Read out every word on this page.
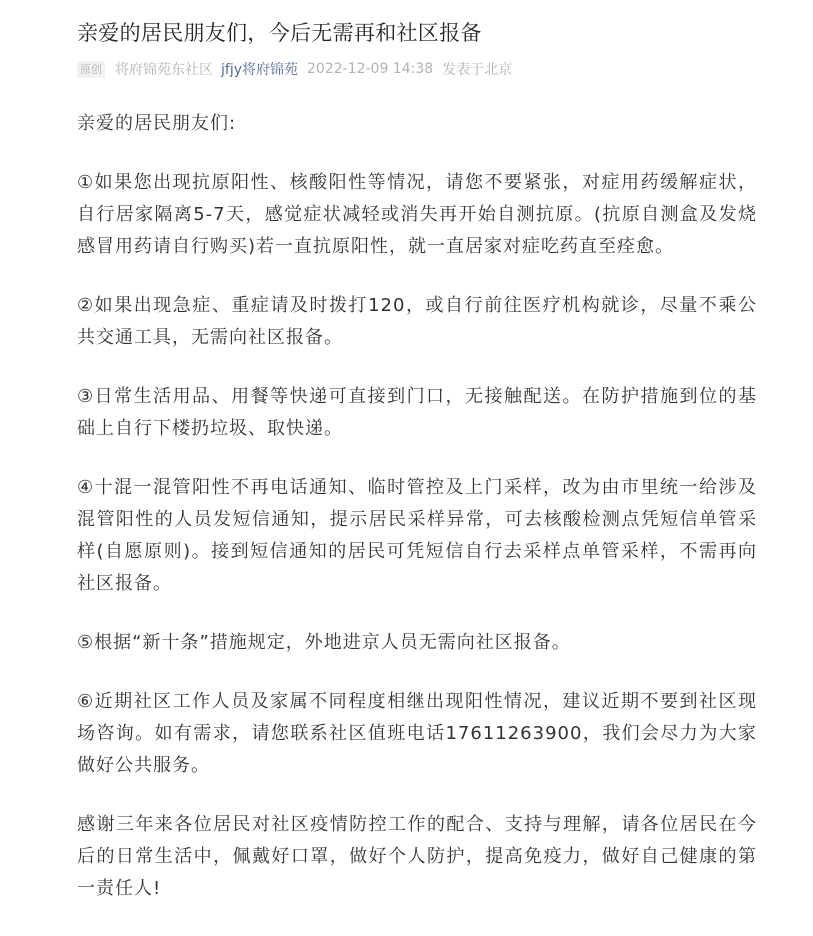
亲爱的居民朋友们，今后无需再和社区报备
原创 将府锦苑东社区 jfjy将府锦苑 2022-12-09 14:38 发表于北京

亲爱的居民朋友们:

①如果您出现抗原阳性、核酸阳性等情况，请您不要紧张，对症用药缓解症状，自行居家隔离5-7天，感觉症状减轻或消失再开始自测抗原。(抗原自测盒及发烧感冒用药请自行购买)若一直抗原阳性，就一直居家对症吃药直至痊愈。

②如果出现急症、重症请及时拨打120，或自行前往医疗机构就诊，尽量不乘公共交通工具，无需向社区报备。

③日常生活用品、用餐等快递可直接到门口，无接触配送。在防护措施到位的基础上自行下楼扔垃圾、取快递。

④十混一混管阳性不再电话通知、临时管控及上门采样，改为由市里统一给涉及混管阳性的人员发短信通知，提示居民采样异常，可去核酸检测点凭短信单管采样(自愿原则)。接到短信通知的居民可凭短信自行去采样点单管采样，不需再向社区报备。

⑤根据“新十条”措施规定，外地进京人员无需向社区报备。

⑥近期社区工作人员及家属不同程度相继出现阳性情况，建议近期不要到社区现场咨询。如有需求，请您联系社区值班电话17611263900，我们会尽力为大家做好公共服务。

感谢三年来各位居民对社区疫情防控工作的配合、支持与理解，请各位居民在今后的日常生活中，佩戴好口罩，做好个人防护，提高免疫力，做好自己健康的第一责任人!
